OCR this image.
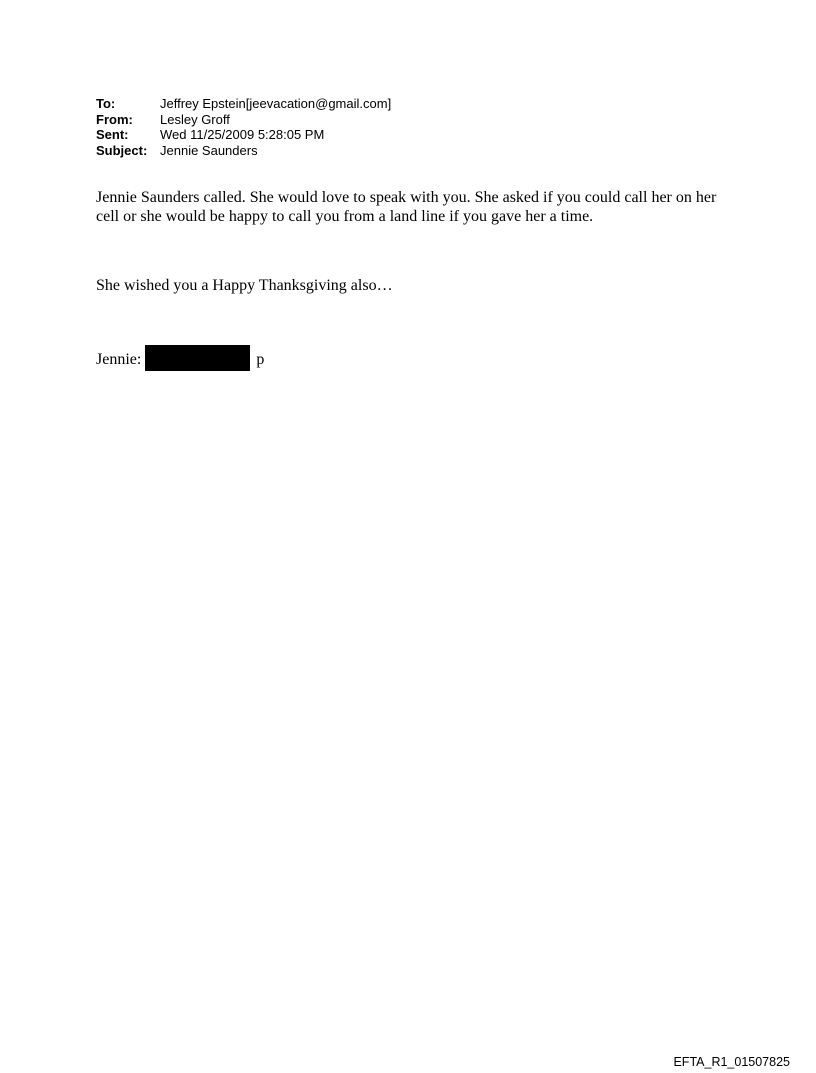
To:	Jeffrey Epstein[jeevacation@gmail.com]
From:	Lesley Groff
Sent:	Wed 11/25/2009 5:28:05 PM
Subject: Jennie Saunders

Jennie Saunders called. She would love to speak with you. She asked if you could call her on her cell or she would be happy to call you from a land line if you gave her a time.

She wished you a Happy Thanksgiving also…

Jennie:	p

EFTA_R1_01507825
